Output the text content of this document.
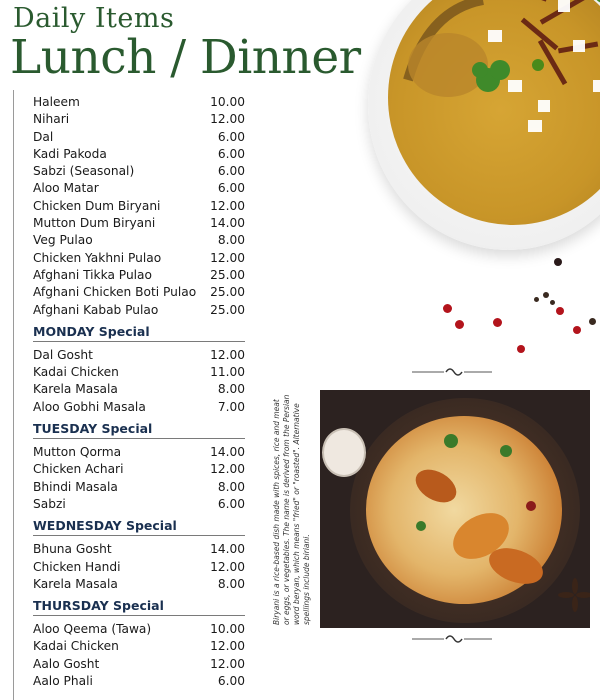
Daily Items
Lunch / Dinner
Haleem	10.00
Nihari	12.00
Dal	6.00
Kadi Pakoda	6.00
Sabzi (Seasonal)	6.00
Aloo Matar	6.00
Chicken Dum Biryani	12.00
Mutton Dum Biryani	14.00
Veg Pulao	8.00
Chicken Yakhni Pulao	12.00
Afghani Tikka Pulao	25.00
Afghani Chicken Boti Pulao	25.00
Afghani Kabab Pulao	25.00
MONDAY Special
Dal Gosht	12.00
Kadai Chicken	11.00
Karela Masala	8.00
Aloo Gobhi Masala	7.00
TUESDAY Special
Mutton Qorma	14.00
Chicken Achari	12.00
Bhindi Masala	8.00
Sabzi	6.00
WEDNESDAY Special
Bhuna Gosht	14.00
Chicken Handi	12.00
Karela Masala	8.00
THURSDAY Special
Aloo Qeema (Tawa)	10.00
Kadai Chicken	12.00
Aalo Gosht	12.00
Aalo Phali	6.00
Biryani is a rice-based dish made with spices, rice and meat or eggs, or vegetables. The name is derived from the Persian word beryan, which means "fried" or "roasted". Alternative spellings include biriani.
